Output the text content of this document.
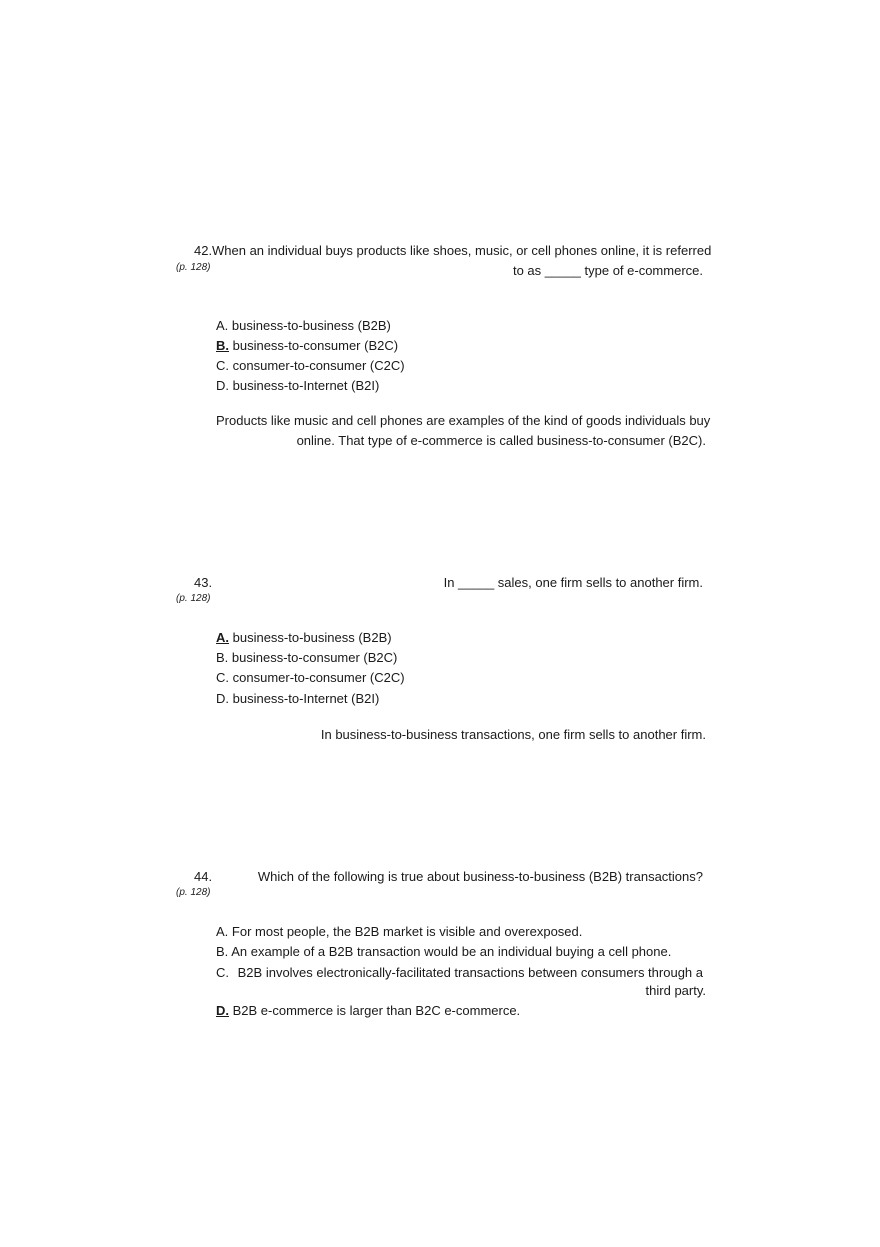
42. When an individual buys products like shoes, music, or cell phones online, it is referred
(p. 128)	to as _____ type of e-commerce.
A. business-to-business (B2B)
B. business-to-consumer (B2C)
C. consumer-to-consumer (C2C)
D. business-to-Internet (B2I)
Products like music and cell phones are examples of the kind of goods individuals buy
online. That type of e-commerce is called business-to-consumer (B2C).
43.	In _____ sales, one firm sells to another firm.
(p. 128)
A. business-to-business (B2B)
B. business-to-consumer (B2C)
C. consumer-to-consumer (C2C)
D. business-to-Internet (B2I)
In business-to-business transactions, one firm sells to another firm.
44.	Which of the following is true about business-to-business (B2B) transactions?
(p. 128)
A. For most people, the B2B market is visible and overexposed.
B. An example of a B2B transaction would be an individual buying a cell phone.
C. B2B involves electronically-facilitated transactions between consumers through a
third party.
D. B2B e-commerce is larger than B2C e-commerce.
